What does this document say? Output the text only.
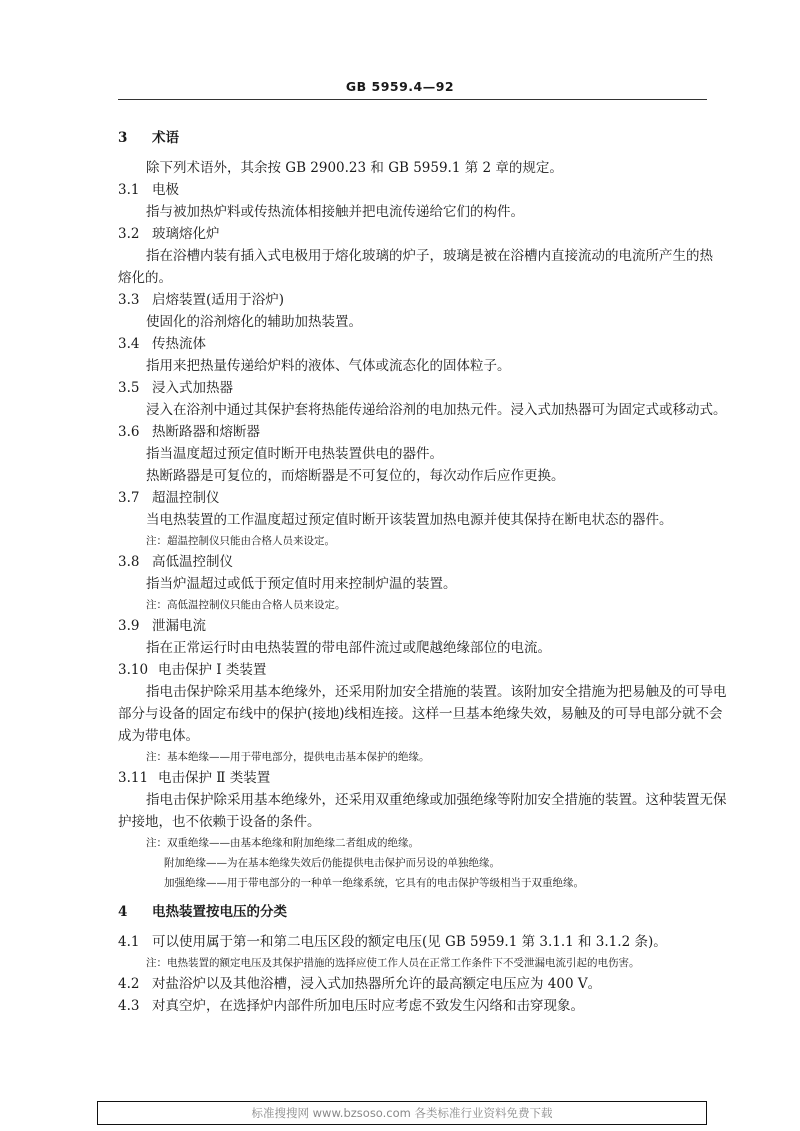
GB 5959.4—92
3 术语
除下列术语外，其余按 GB 2900.23 和 GB 5959.1 第 2 章的规定。
3.1 电极
指与被加热炉料或传热流体相接触并把电流传递给它们的构件。
3.2 玻璃熔化炉
指在浴槽内装有插入式电极用于熔化玻璃的炉子，玻璃是被在浴槽内直接流动的电流所产生的热
熔化的。
3.3 启熔装置(适用于浴炉)
使固化的浴剂熔化的辅助加热装置。
3.4 传热流体
指用来把热量传递给炉料的液体、气体或流态化的固体粒子。
3.5 浸入式加热器
浸入在浴剂中通过其保护套将热能传递给浴剂的电加热元件。浸入式加热器可为固定式或移动式。
3.6 热断路器和熔断器
指当温度超过预定值时断开电热装置供电的器件。
热断路器是可复位的，而熔断器是不可复位的，每次动作后应作更换。
3.7 超温控制仪
当电热装置的工作温度超过预定值时断开该装置加热电源并使其保持在断电状态的器件。
注：超温控制仪只能由合格人员来设定。
3.8 高低温控制仪
指当炉温超过或低于预定值时用来控制炉温的装置。
注：高低温控制仪只能由合格人员来设定。
3.9 泄漏电流
指在正常运行时由电热装置的带电部件流过或爬越绝缘部位的电流。
3.10 电击保护 I 类装置
指电击保护除采用基本绝缘外，还采用附加安全措施的装置。该附加安全措施为把易触及的可导电
部分与设备的固定布线中的保护(接地)线相连接。这样一旦基本绝缘失效，易触及的可导电部分就不会
成为带电体。
注：基本绝缘——用于带电部分，提供电击基本保护的绝缘。
3.11 电击保护 Ⅱ 类装置
指电击保护除采用基本绝缘外，还采用双重绝缘或加强绝缘等附加安全措施的装置。这种装置无保
护接地，也不依赖于设备的条件。
注：双重绝缘——由基本绝缘和附加绝缘二者组成的绝缘。
附加绝缘——为在基本绝缘失效后仍能提供电击保护而另设的单独绝缘。
加强绝缘——用于带电部分的一种单一绝缘系统，它具有的电击保护等级相当于双重绝缘。
4 电热装置按电压的分类
4.1 可以使用属于第一和第二电压区段的额定电压(见 GB 5959.1 第 3.1.1 和 3.1.2 条)。
注：电热装置的额定电压及其保护措施的选择应使工作人员在正常工作条件下不受泄漏电流引起的电伤害。
4.2 对盐浴炉以及其他浴槽，浸入式加热器所允许的最高额定电压应为 400 V。
4.3 对真空炉，在选择炉内部件所加电压时应考虑不致发生闪络和击穿现象。
标准搜搜网 www.bzsoso.com 各类标准行业资料免费下载
